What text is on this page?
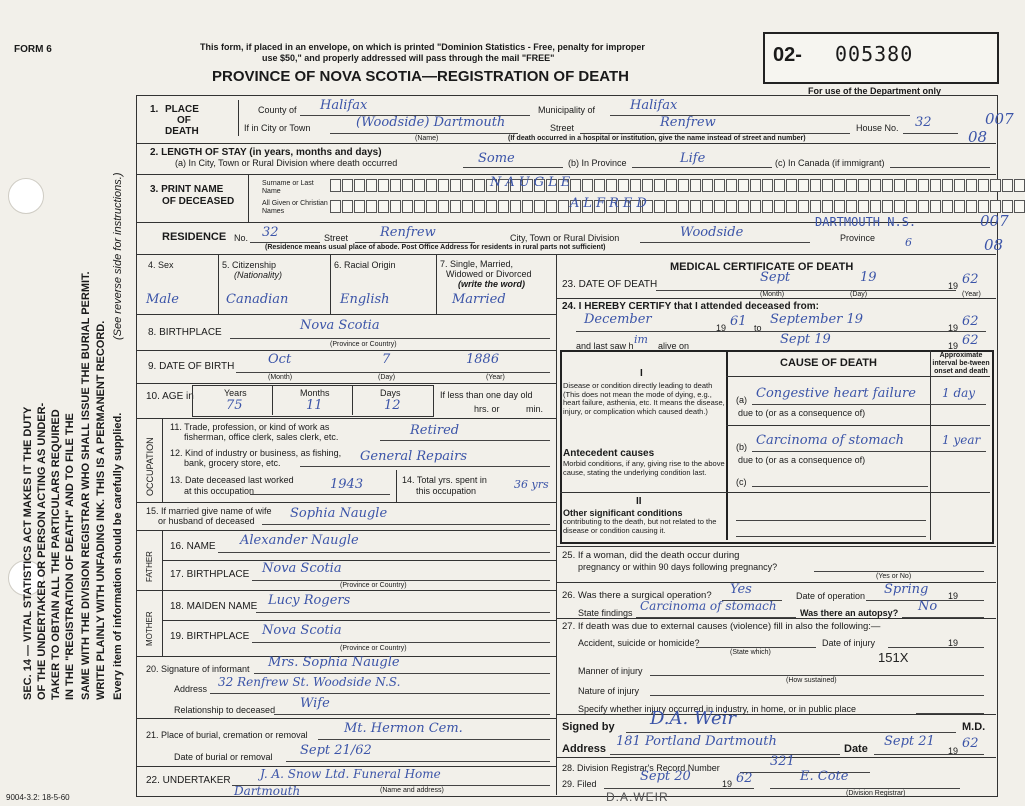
FORM 6	This form, if placed in an envelope, on which is printed "Dominion Statistics - Free, penalty for improper
use $50," and properly addressed will pass through the mail "FREE"
PROVINCE OF NOVA SCOTIA—REGISTRATION OF DEATH
02- 005380
For use of the Department only
SEC. 14 — VITAL STATISTICS ACT MAKES IT THE DUTY OF THE UNDERTAKER OR PERSON ACTING AS UNDER- TAKER TO OBTAIN ALL THE PARTICULARS REQUIRED IN THE "REGISTRATION OF DEATH" AND TO FILE THE SAME WITH THE DIVISION REGISTRAR WHO SHALL ISSUE THE BURIAL PERMIT. WRITE PLAINLY WITH UNFADING INK. THIS IS A PERMANENT RECORD. Every item of information should be carefully supplied.
(See reverse side for instructions.)
1. PLACE
OF
DEATH
County of Halifax	Municipality of	Halifax
007
If in City or Town	(Woodside) Dartmouth
(Name)
Street	Renfrew	House No. 32
08
(If death occurred in a hospital or institution, give the name instead of street and number)
2. LENGTH OF STAY (in years, months and days)
(a) In City, Town or Rural Division where death occurred	Some	(b) In Province	Life	(c) In Canada (if immigrant)
3. PRINT NAME
OF DECEASED
Surname or Last Name
NAUGLE
All Given or Christian Names
ALFRED
RESIDENCE No. 32	Street Renfrew	City, Town or Rural Division	Woodside
DARTMOUTH N.S.
Province
007
6	08
(Residence means usual place of abode. Post Office Address for residents in rural parts not sufficient)
4. Sex
Male
5. Citizenship
(Nationality)
Canadian
6. Racial Origin
English
7. Single, Married,
Widowed or Divorced
(write the word)
Married
8. BIRTHPLACE	Nova Scotia
(Province or Country)
9. DATE OF BIRTH	Oct	7	1886
(Month)	(Day)	(Year)
10. AGE in	Years	Months	Days
75	11	12
If less than one day old
hrs. or	min.
OCCUPATION
11. Trade, profession, or kind of work as
fisherman, office clerk, sales clerk, etc.	Retired
12. Kind of industry or business, as fishing,
bank, grocery store, etc.	General Repairs
13. Date deceased last worked
at this occupation	1943	14. Total yrs. spent in
this occupation	36 yrs
15. If married give name of wife
or husband of deceased	Sophia Naugle
FATHER
16. NAME Alexander Naugle
17. BIRTHPLACE Nova Scotia
(Province or Country)
MOTHER
18. MAIDEN NAME Lucy Rogers
19. BIRTHPLACE Nova Scotia
(Province or Country)
20. Signature of informant Mrs. Sophia Naugle
Address 32 Renfrew St. Woodside N.S.
Relationship to deceased Wife
21. Place of burial, cremation or removal	Mt. Hermon Cem.
Date of burial or removal Sept 21/62
22. UNDERTAKER J. A. Snow Ltd. Funeral Home
Dartmouth	(Name and address)
9004-3.2: 18-5-60
MEDICAL CERTIFICATE OF DEATH
23. DATE OF DEATH	Sept	19
19 62
(Month)	(Day)	(Year)
24. I HEREBY CERTIFY that I attended deceased from:
December
19 61 to
September 19
19 62
and last saw h im alive on	Sept 19	19 62
CAUSE OF DEATH
Approximate interval be-tween onset and death
I
Disease or condition directly leading to death (This does not mean the mode of dying, e.g., heart failure, asthenia, etc. It means the disease, injury, or complication which caused death.)
(a) Congestive heart failure 1 day
due to (or as a consequence of)
Antecedent causes
Morbid conditions, if any, giving rise to the above cause, stating the underlying condition last.
(b) Carcinoma of stomach	1 year
due to (or as a consequence of)
(c)
II
Other significant conditions
contributing to the death, but not related to the disease or condition causing it.
25. If a woman, did the death occur during
pregnancy or within 90 days following pregnancy?
(Yes or No)
26. Was there a surgical operation? Yes	Date of operation Spring 19
State findings Carcinoma of stomach	Was there an autopsy? No
27. If death was due to external causes (violence) fill in also the following:—
Accident, suicide or homicide?
(State which)
Date of injury	19
151X
Manner of injury
(How sustained)
Nature of injury
Specify whether injury occurred in industry, in home, or in public place
Signed by D.A. Weir	M.D.
Address 181 Portland Dartmouth	Date Sept 21
19 62
28. Division Registrar's Record Number	321
29. Filed	Sept 20	19 62	E. Cote
(Division Registrar)
D.A.WEIR
